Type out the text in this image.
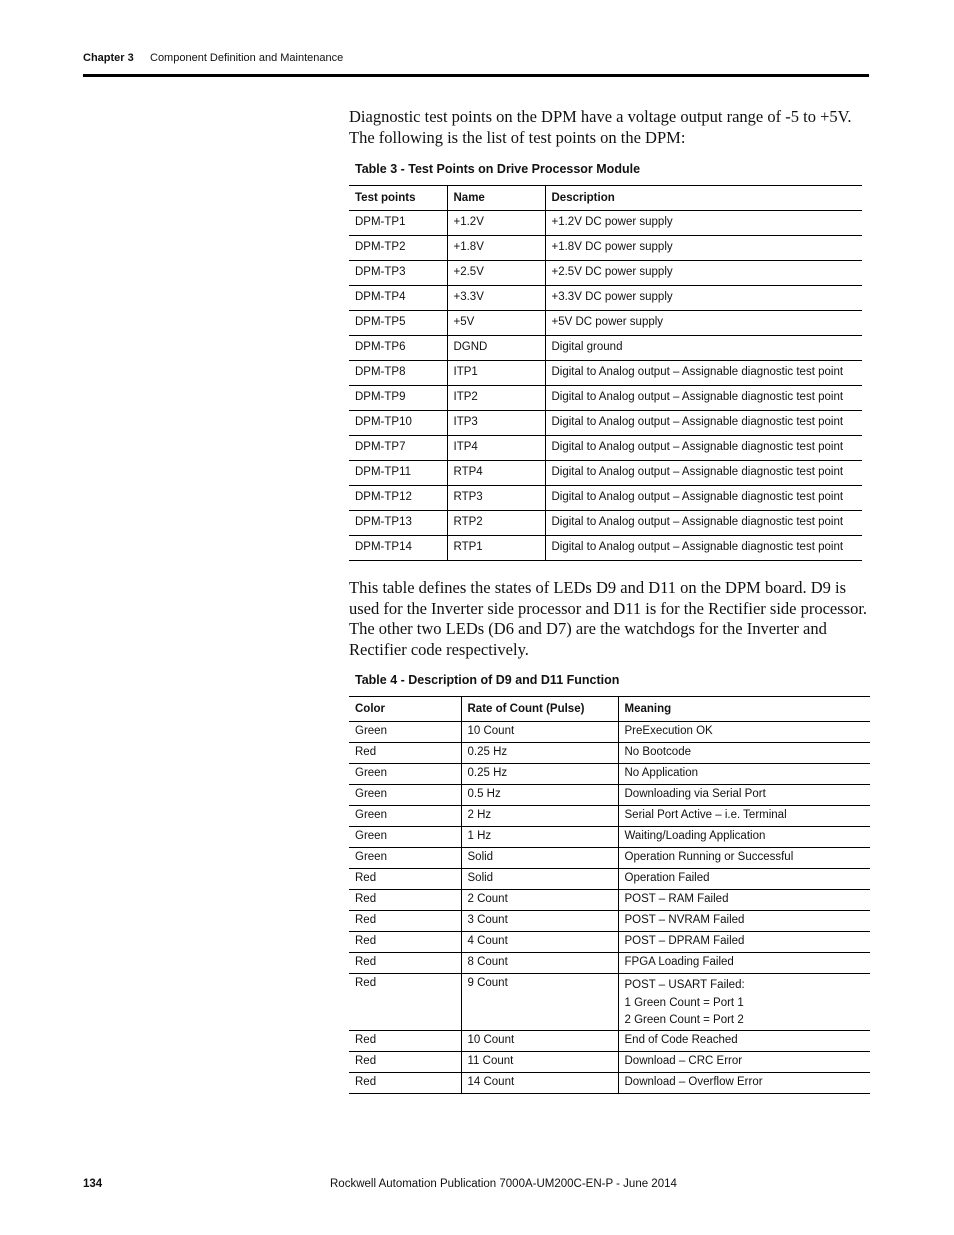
Chapter 3 Component Definition and Maintenance

Diagnostic test points on the DPM have a voltage output range of -5 to +5V. The following is the list of test points on the DPM:

Table 3 - Test Points on Drive Processor Module
Test points	Name	Description
DPM-TP1	+1.2V	+1.2V DC power supply
DPM-TP2	+1.8V	+1.8V DC power supply
DPM-TP3	+2.5V	+2.5V DC power supply
DPM-TP4	+3.3V	+3.3V DC power supply
DPM-TP5	+5V	+5V DC power supply
DPM-TP6	DGND	Digital ground
DPM-TP8	ITP1	Digital to Analog output – Assignable diagnostic test point
DPM-TP9	ITP2	Digital to Analog output – Assignable diagnostic test point
DPM-TP10	ITP3	Digital to Analog output – Assignable diagnostic test point
DPM-TP7	ITP4	Digital to Analog output – Assignable diagnostic test point
DPM-TP11	RTP4	Digital to Analog output – Assignable diagnostic test point
DPM-TP12	RTP3	Digital to Analog output – Assignable diagnostic test point
DPM-TP13	RTP2	Digital to Analog output – Assignable diagnostic test point
DPM-TP14	RTP1	Digital to Analog output – Assignable diagnostic test point

This table defines the states of LEDs D9 and D11 on the DPM board. D9 is used for the Inverter side processor and D11 is for the Rectifier side processor. The other two LEDs (D6 and D7) are the watchdogs for the Inverter and Rectifier code respectively.

Table 4 - Description of D9 and D11 Function
Color	Rate of Count (Pulse)	Meaning
Green	10 Count	PreExecution OK
Red	0.25 Hz	No Bootcode
Green	0.25 Hz	No Application
Green	0.5 Hz	Downloading via Serial Port
Green	2 Hz	Serial Port Active – i.e. Terminal
Green	1 Hz	Waiting/Loading Application
Green	Solid	Operation Running or Successful
Red	Solid	Operation Failed
Red	2 Count	POST – RAM Failed
Red	3 Count	POST – NVRAM Failed
Red	4 Count	POST – DPRAM Failed
Red	8 Count	FPGA Loading Failed
Red	9 Count	POST – USART Failed:
1 Green Count = Port 1
2 Green Count = Port 2

Red	10 Count	End of Code Reached
Red	11 Count	Download – CRC Error
Red	14 Count	Download – Overflow Error
134	Rockwell Automation Publication 7000A-UM200C-EN-P - June 2014
